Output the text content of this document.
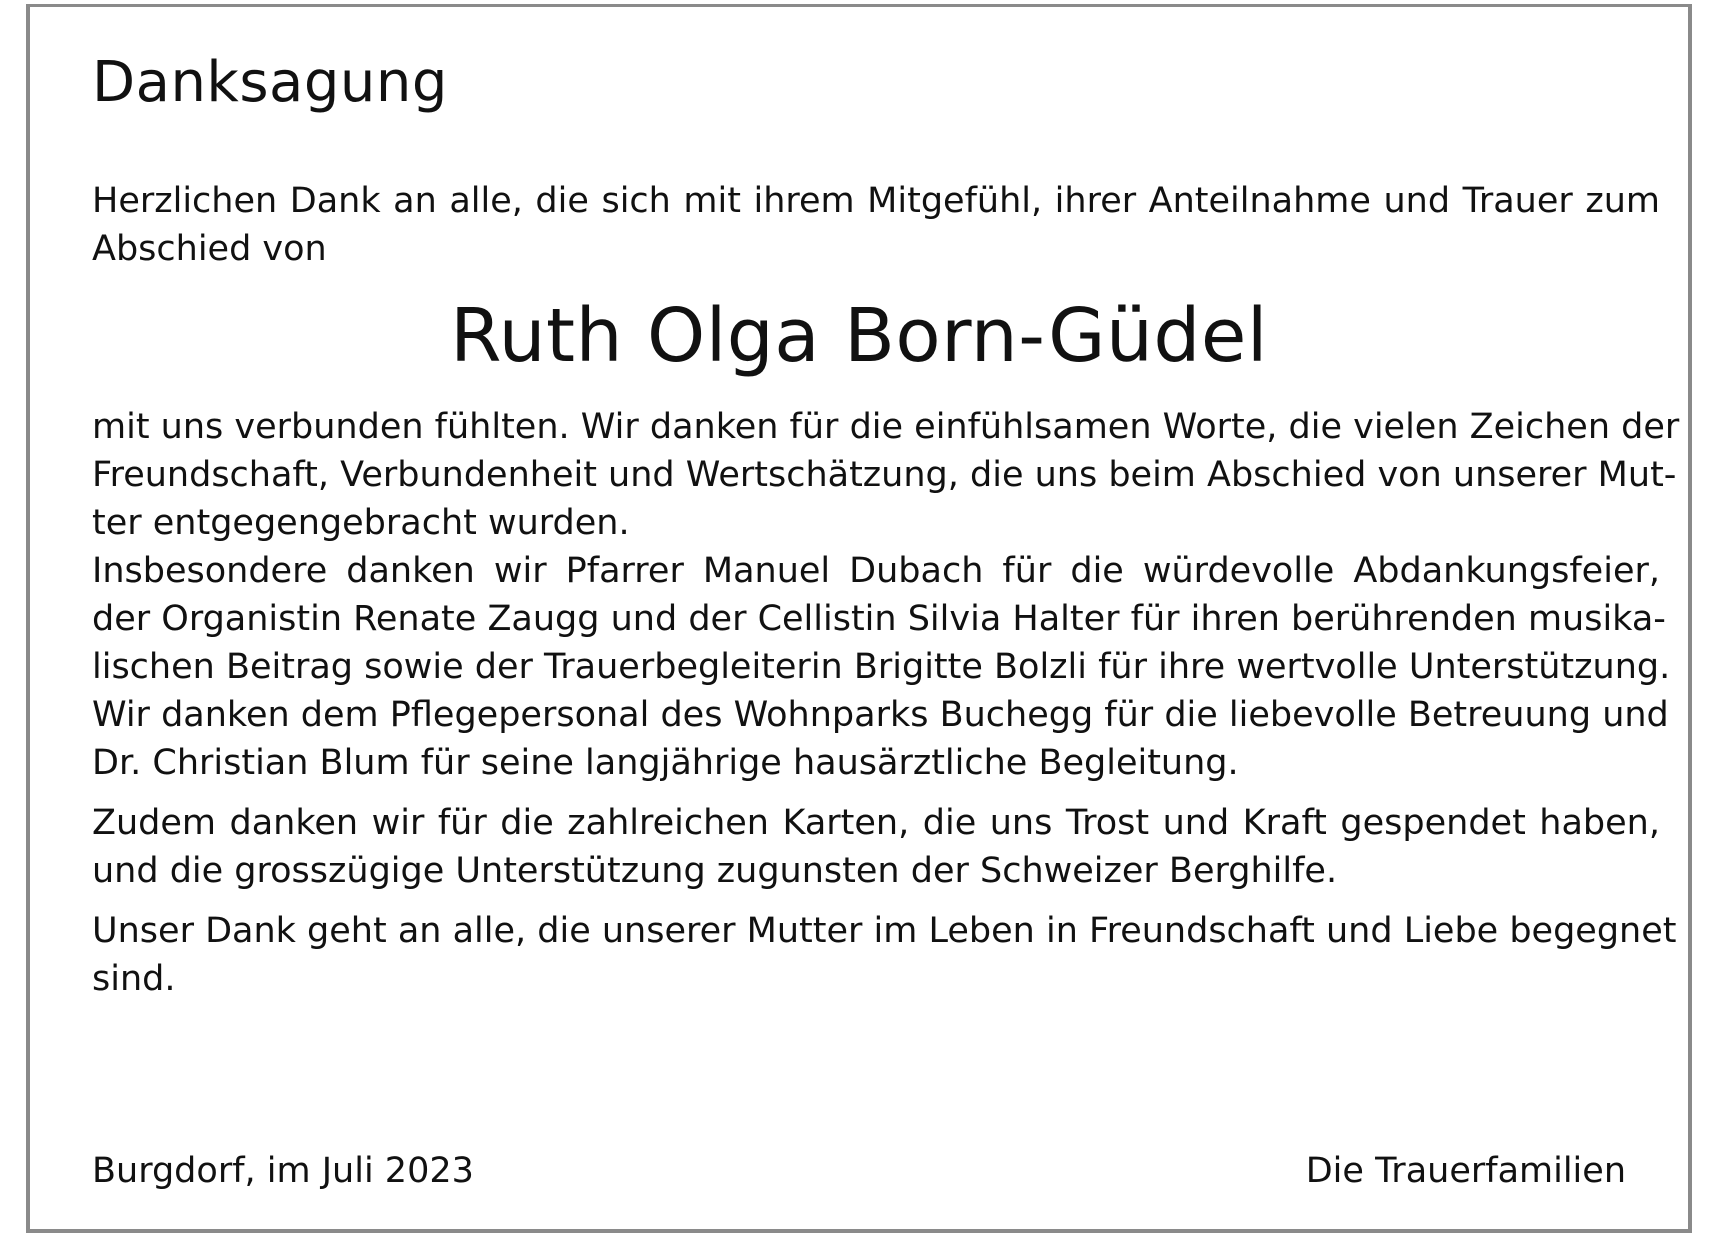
Danksagung

Herzlichen Dank an alle, die sich mit ihrem Mitgefühl, ihrer Anteilnahme und Trauer zum
Abschied von

Ruth Olga Born-Güdel

mit uns verbunden fühlten. Wir danken für die einfühlsamen Worte, die vielen Zeichen der
Freundschaft, Verbundenheit und Wertschätzung, die uns beim Abschied von unserer Mut-
ter entgegengebracht wurden.

Insbesondere danken wir Pfarrer Manuel Dubach für die würdevolle Abdankungsfeier,
der Organistin Renate Zaugg und der Cellistin Silvia Halter für ihren berührenden musika-
lischen Beitrag sowie der Trauerbegleiterin Brigitte Bolzli für ihre wertvolle Unterstützung.

Wir danken dem Pflegepersonal des Wohnparks Buchegg für die liebevolle Betreuung und
Dr. Christian Blum für seine langjährige hausärztliche Begleitung.

Zudem danken wir für die zahlreichen Karten, die uns Trost und Kraft gespendet haben,
und die grosszügige Unterstützung zugunsten der Schweizer Berghilfe.

Unser Dank geht an alle, die unserer Mutter im Leben in Freundschaft und Liebe begegnet
sind.

Burgdorf, im Juli 2023	Die Trauerfamilien
